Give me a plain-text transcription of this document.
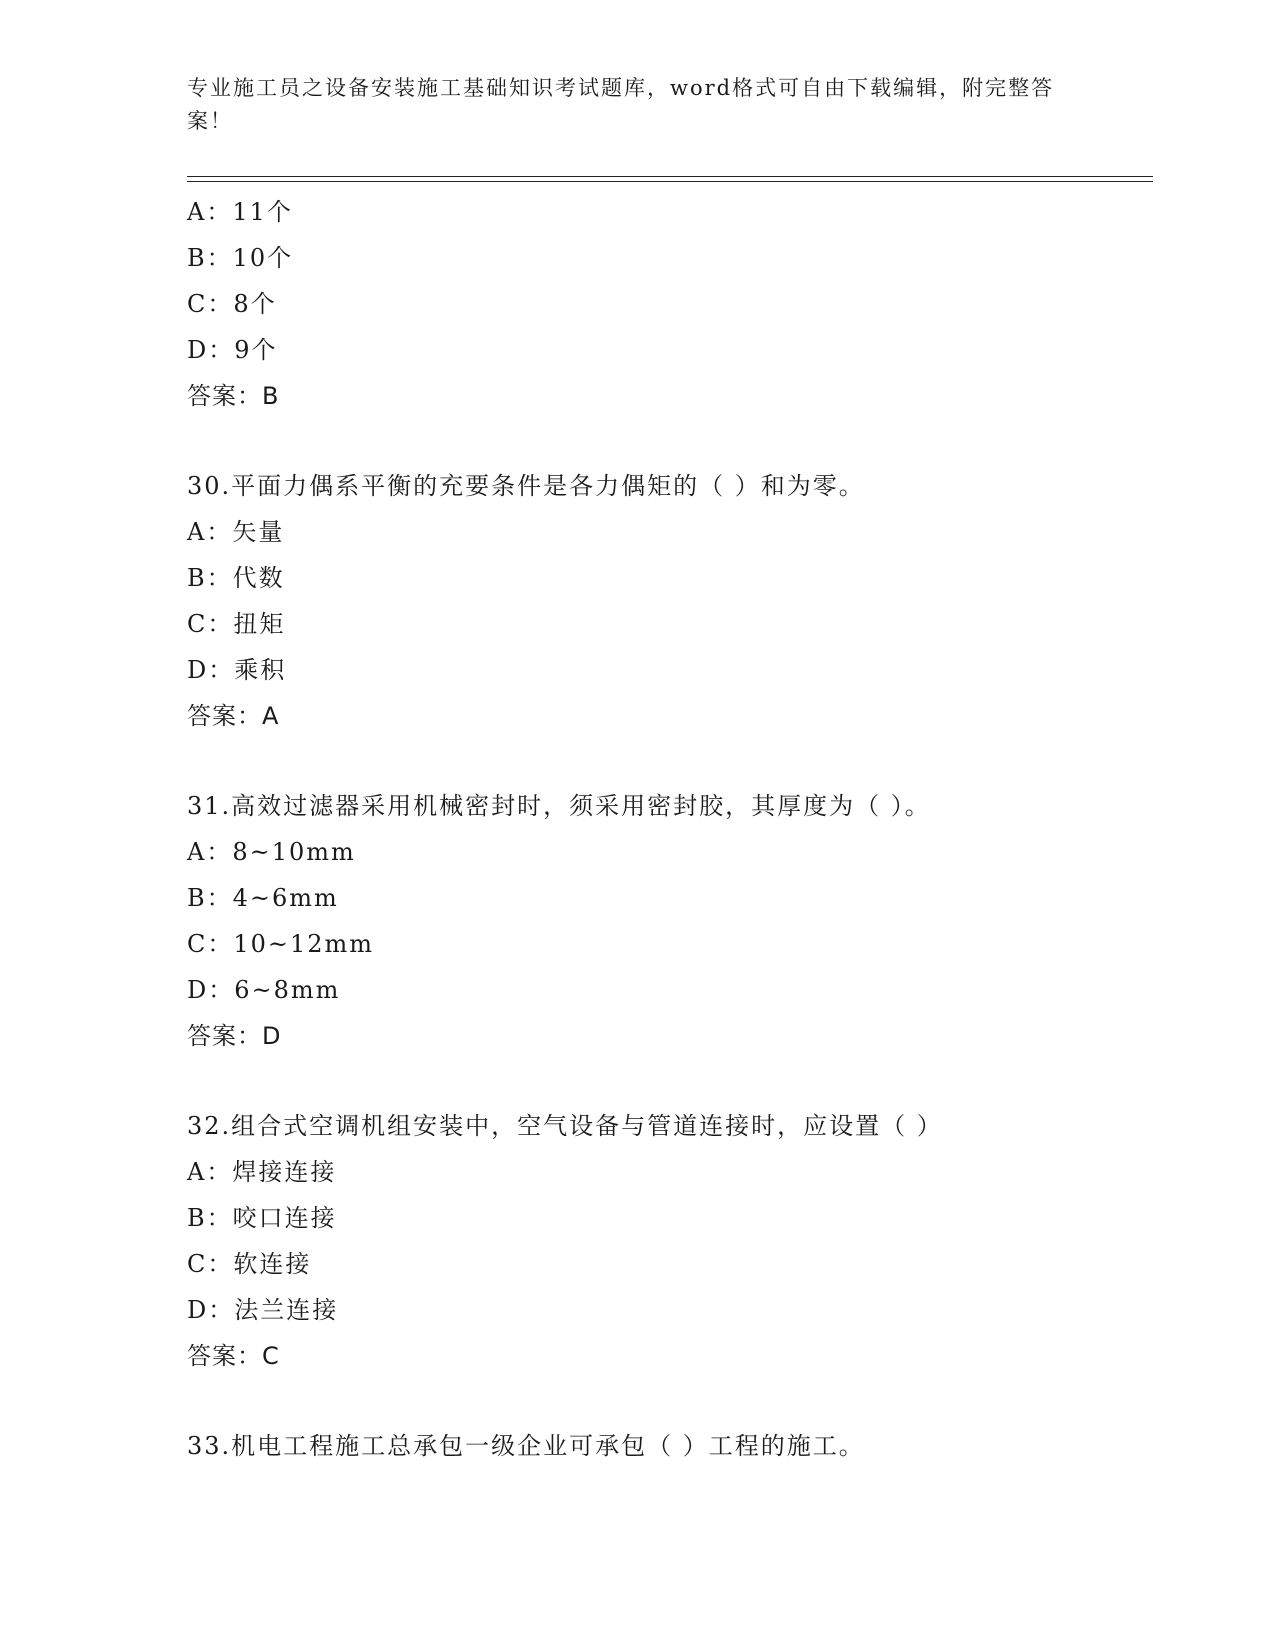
专业施工员之设备安装施工基础知识考试题库，word格式可自由下载编辑，附完整答案！
A：11个
B：10个
C：8个
D：9个
答案：B
30.平面力偶系平衡的充要条件是各力偶矩的（ ）和为零。
A：矢量
B：代数
C：扭矩
D：乘积
答案：A
31.高效过滤器采用机械密封时，须采用密封胶，其厚度为（ ）。
A：8~10mm
B：4~6mm
C：10~12mm
D：6~8mm
答案：D
32.组合式空调机组安装中，空气设备与管道连接时，应设置（ ）
A：焊接连接
B：咬口连接
C：软连接
D：法兰连接
答案：C
33.机电工程施工总承包一级企业可承包（ ）工程的施工。
